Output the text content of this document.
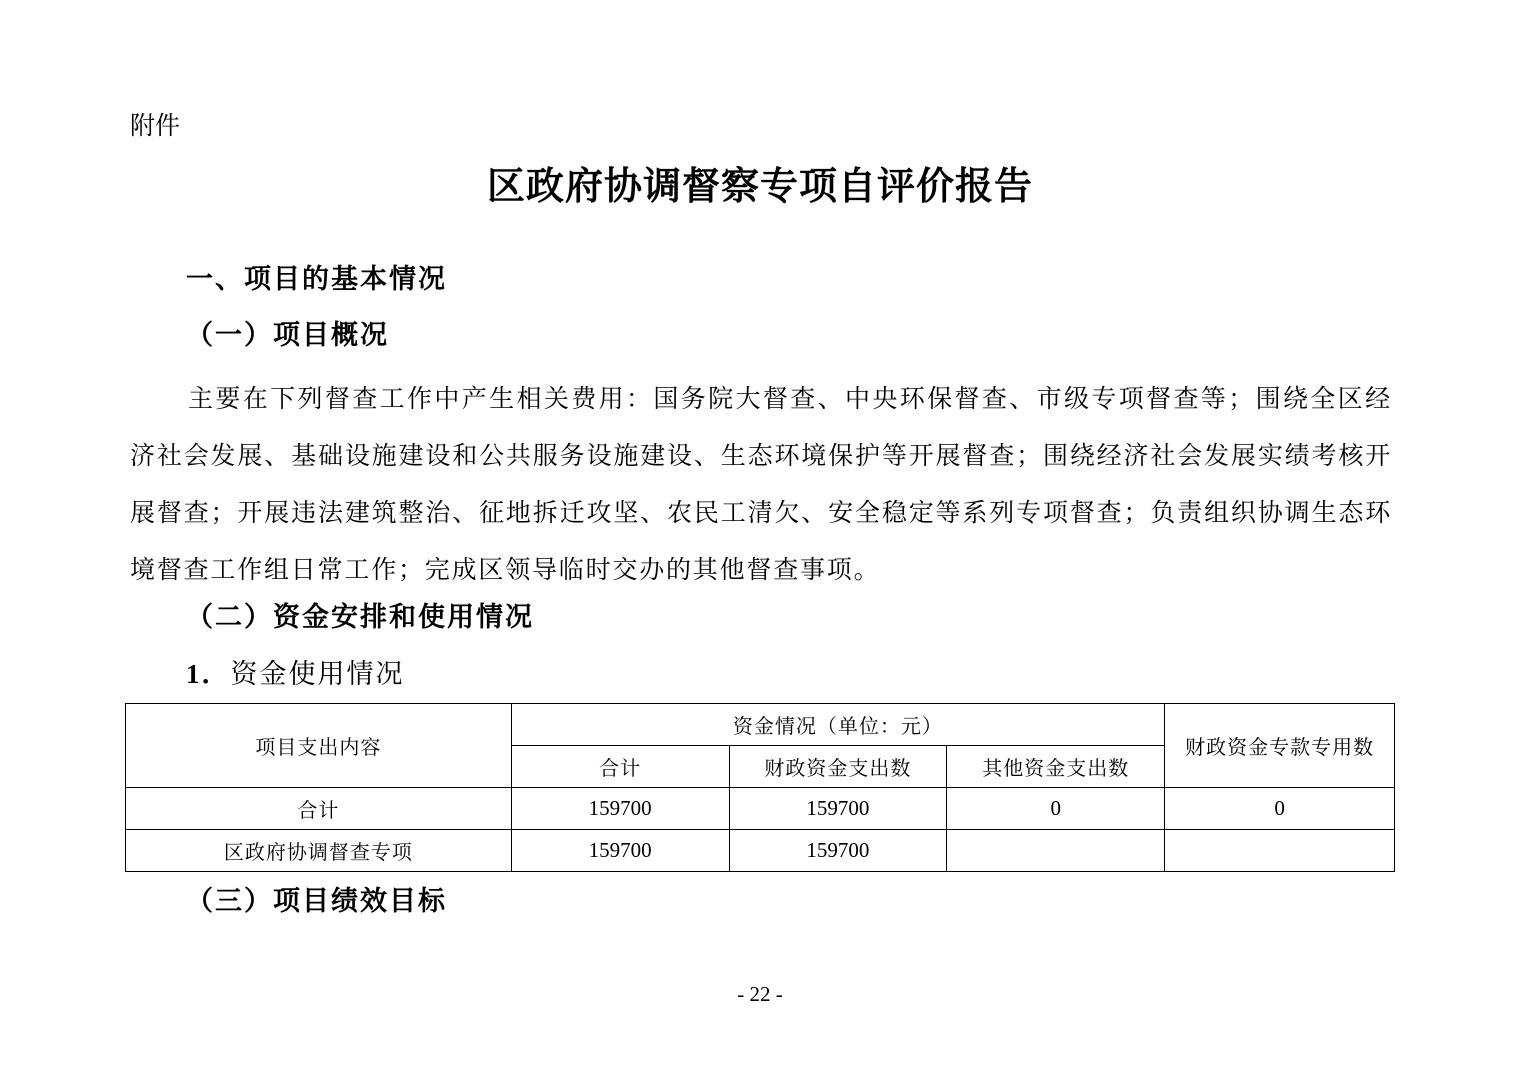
附件
区政府协调督察专项自评价报告
一、项目的基本情况
（一）项目概况

主要在下列督查工作中产生相关费用：国务院大督查、中央环保督查、市级专项督查等；围绕全区经济社会发展、基础设施建设和公共服务设施建设、生态环境保护等开展督查；围绕经济社会发展实绩考核开展督查；开展违法建筑整治、征地拆迁攻坚、农民工清欠、安全稳定等系列专项督查；负责组织协调生态环境督查工作组日常工作；完成区领导临时交办的其他督查事项。

（二）资金安排和使用情况
1．资金使用情况
项目支出内容	资金情况（单位：元）			财政资金专款专用数
	合计	财政资金支出数	其他资金支出数	
合计	159700	159700	0	0
区政府协调督查专项	159700	159700		
（三）项目绩效目标
- 22 -
